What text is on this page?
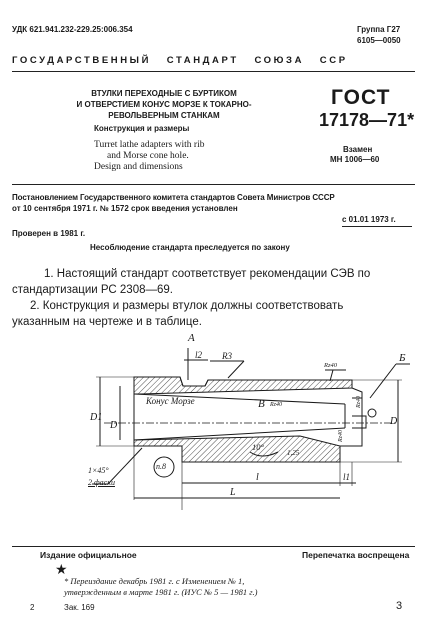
УДК 621.941.232-229.25:006.354	Группа Г27
6105—0050
ГОСУДАРСТВЕННЫЙ   СТАНДАРТ   СОЮЗА   ССР
ВТУЛКИ ПЕРЕХОДНЫЕ С БУРТИКОМ
И ОТВЕРСТИЕМ КОНУС МОРЗЕ К ТОКАРНО-
РЕВОЛЬВЕРНЫМ СТАНКАМ
Конструкция и размеры
Turret lathe adapters with rib
and Morse cone hole.
Design and dimensions
ГОСТ
17178—71*
Взамен
МН 1006—60
Постановлением Государственного комитета стандартов Совета Министров СССР
от 10 сентября 1971 г. № 1572 срок введения установлен
с 01.01 1973 г.
Проверен в 1981 г.
Несоблюдение стандарта преследуется по закону
1. Настоящий стандарт соответствует рекомендации СЭВ по
стандартизации РС 2308—69.
2. Конструкция и размеры втулок должны соответствовать
указанным на чертеже и в таблице.
А
Б
l2 R3
Rz40
В Rz40	Rz40
Rz40
D1
D	D
Конус Морзе
10°
1,25
l1
l
L
п.8
1×45°
2 фаски
Издание официальное	Перепечатка воспрещена
★
* Переиздание декабрь 1981 г. с Изменением № 1,
утвержденным в марте 1981 г. (ИУС № 5 — 1981 г.)
2	Зак. 169	3
